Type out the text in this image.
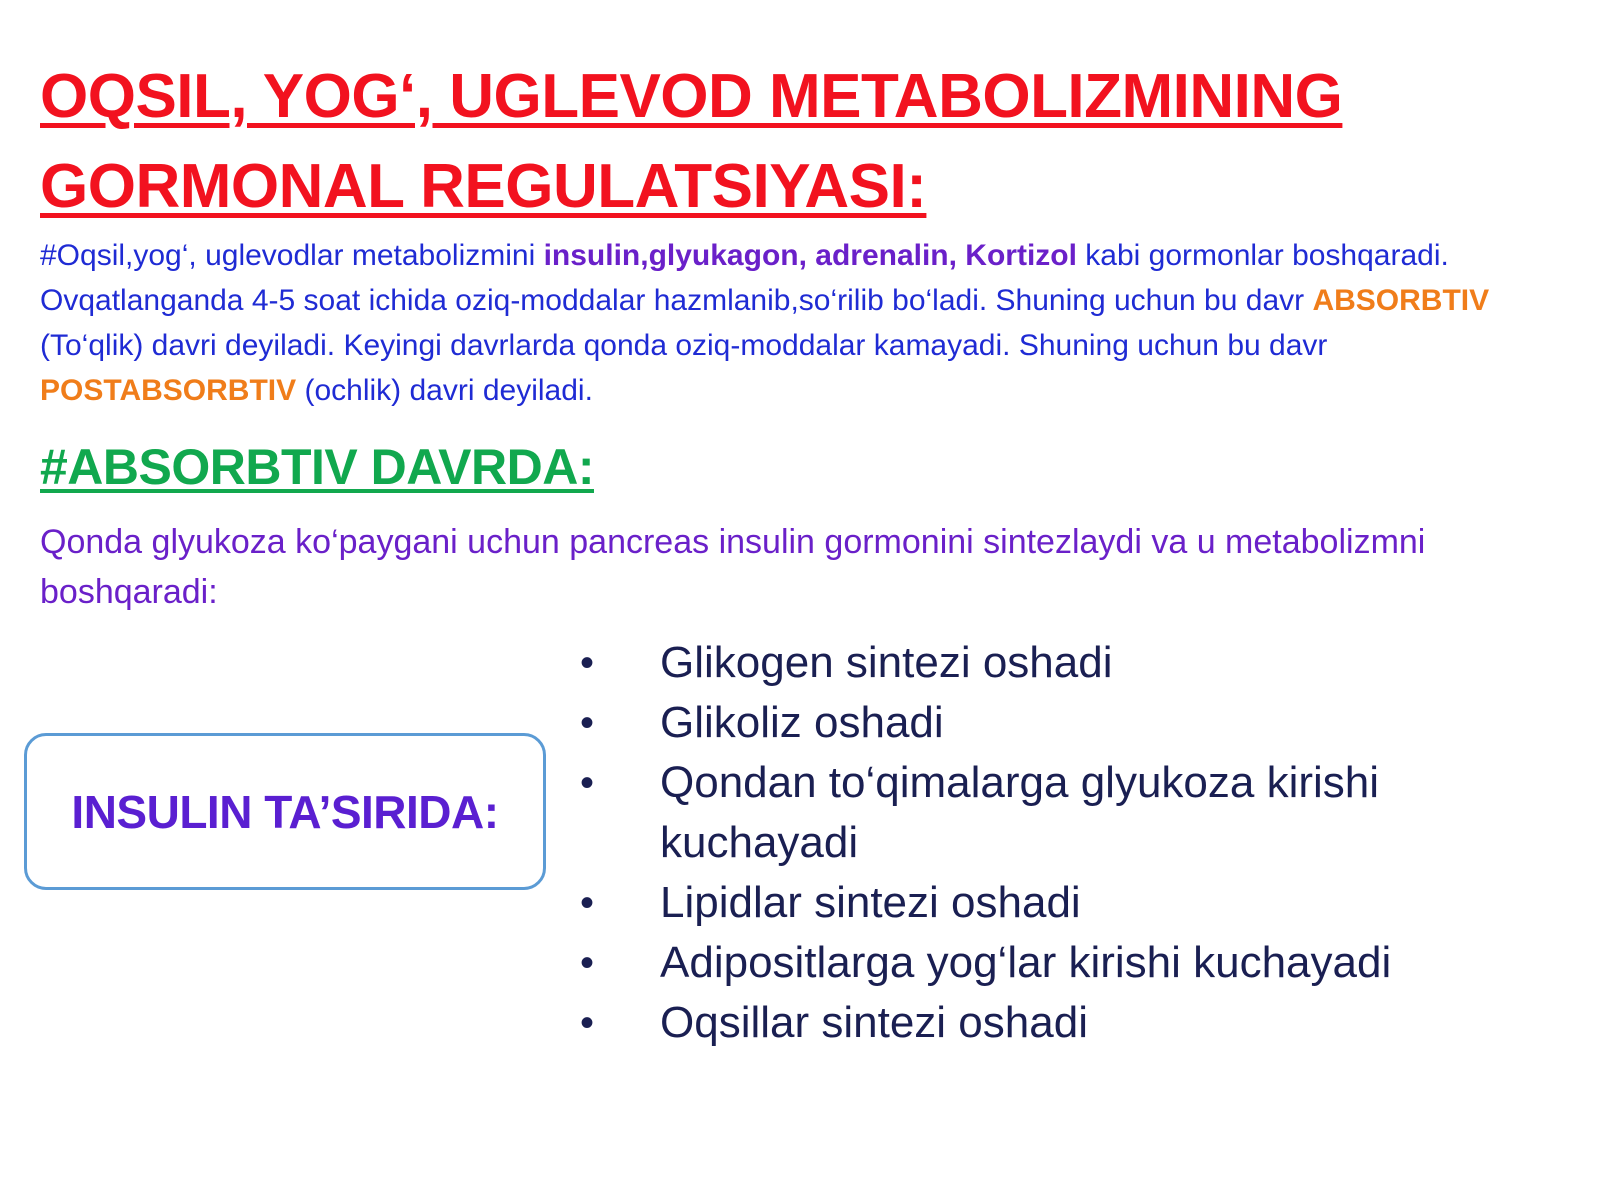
OQSIL, YOG‘, UGLEVOD METABOLIZMINING GORMONAL REGULATSIYASI:

#Oqsil,yog‘, uglevodlar metabolizmini insulin,glyukagon, adrenalin, Kortizol kabi gormonlar boshqaradi. Ovqatlanganda 4-5 soat ichida oziq-moddalar hazmlanib,so‘rilib bo‘ladi. Shuning uchun bu davr ABSORBTIV (To‘qlik) davri deyiladi. Keyingi davrlarda qonda oziq-moddalar kamayadi. Shuning uchun bu davr POSTABSORBTIV (ochlik) davri deyiladi.

#ABSORBTIV DAVRDA:

Qonda glyukoza ko‘paygani uchun pancreas insulin gormonini sintezlaydi va u metabolizmni boshqaradi:

INSULIN TA’SIRIDA:
• Glikogen sintezi oshadi
• Glikoliz oshadi
• Qondan to‘qimalarga glyukoza kirishi kuchayadi
• Lipidlar sintezi oshadi
• Adipositlarga yog‘lar kirishi kuchayadi
• Oqsillar sintezi oshadi
